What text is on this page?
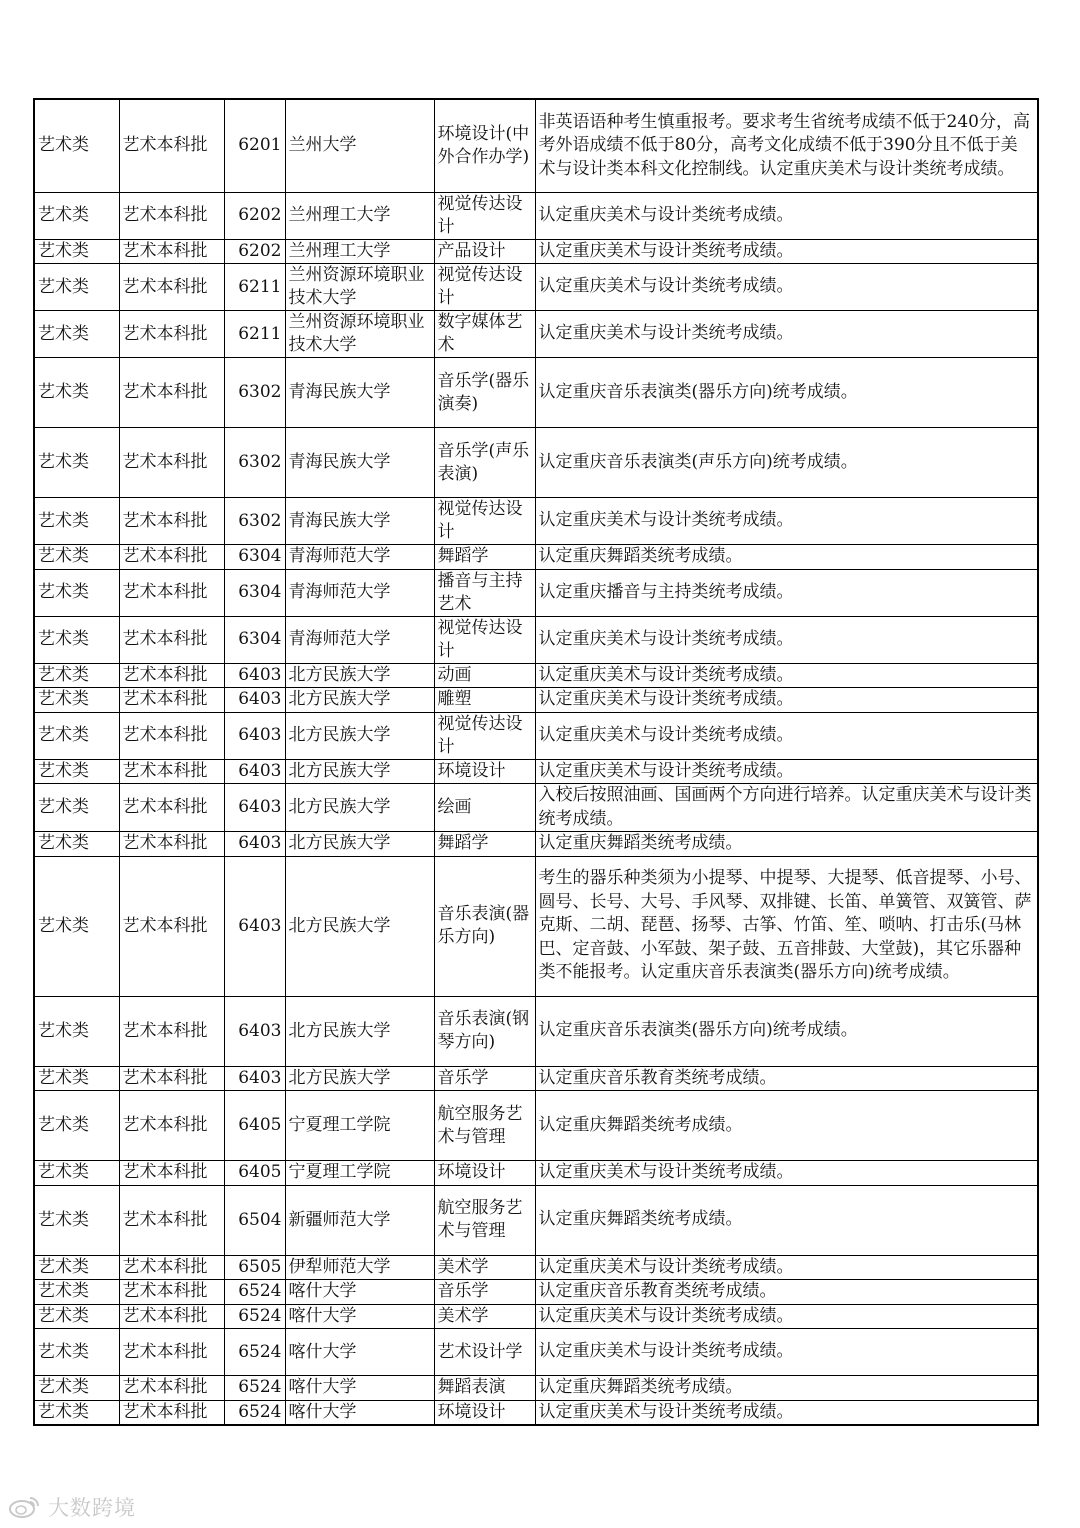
艺术类	艺术本科批	6201	兰州大学	环境设计(中外合作办学)	非英语语种考生慎重报考。要求考生省统考成绩不低于240分，高考外语成绩不低于80分，高考文化成绩不低于390分且不低于美术与设计类本科文化控制线。认定重庆美术与设计类统考成绩。
艺术类	艺术本科批	6202	兰州理工大学	视觉传达设计	认定重庆美术与设计类统考成绩。
艺术类	艺术本科批	6202	兰州理工大学	产品设计	认定重庆美术与设计类统考成绩。
艺术类	艺术本科批	6211	兰州资源环境职业技术大学	视觉传达设计	认定重庆美术与设计类统考成绩。
艺术类	艺术本科批	6211	兰州资源环境职业技术大学	数字媒体艺术	认定重庆美术与设计类统考成绩。
艺术类	艺术本科批	6302	青海民族大学	音乐学(器乐演奏)	认定重庆音乐表演类(器乐方向)统考成绩。
艺术类	艺术本科批	6302	青海民族大学	音乐学(声乐表演)	认定重庆音乐表演类(声乐方向)统考成绩。
艺术类	艺术本科批	6302	青海民族大学	视觉传达设计	认定重庆美术与设计类统考成绩。
艺术类	艺术本科批	6304	青海师范大学	舞蹈学	认定重庆舞蹈类统考成绩。
艺术类	艺术本科批	6304	青海师范大学	播音与主持艺术	认定重庆播音与主持类统考成绩。
艺术类	艺术本科批	6304	青海师范大学	视觉传达设计	认定重庆美术与设计类统考成绩。
艺术类	艺术本科批	6403	北方民族大学	动画	认定重庆美术与设计类统考成绩。
艺术类	艺术本科批	6403	北方民族大学	雕塑	认定重庆美术与设计类统考成绩。
艺术类	艺术本科批	6403	北方民族大学	视觉传达设计	认定重庆美术与设计类统考成绩。
艺术类	艺术本科批	6403	北方民族大学	环境设计	认定重庆美术与设计类统考成绩。
艺术类	艺术本科批	6403	北方民族大学	绘画	入校后按照油画、国画两个方向进行培养。认定重庆美术与设计类统考成绩。
艺术类	艺术本科批	6403	北方民族大学	舞蹈学	认定重庆舞蹈类统考成绩。
艺术类	艺术本科批	6403	北方民族大学	音乐表演(器乐方向)	考生的器乐种类须为小提琴、中提琴、大提琴、低音提琴、小号、圆号、长号、大号、手风琴、双排键、长笛、单簧管、双簧管、萨克斯、二胡、琵琶、扬琴、古筝、竹笛、笙、唢呐、打击乐(马林巴、定音鼓、小军鼓、架子鼓、五音排鼓、大堂鼓)，其它乐器种类不能报考。认定重庆音乐表演类(器乐方向)统考成绩。
艺术类	艺术本科批	6403	北方民族大学	音乐表演(钢琴方向)	认定重庆音乐表演类(器乐方向)统考成绩。
艺术类	艺术本科批	6403	北方民族大学	音乐学	认定重庆音乐教育类统考成绩。
艺术类	艺术本科批	6405	宁夏理工学院	航空服务艺术与管理	认定重庆舞蹈类统考成绩。
艺术类	艺术本科批	6405	宁夏理工学院	环境设计	认定重庆美术与设计类统考成绩。
艺术类	艺术本科批	6504	新疆师范大学	航空服务艺术与管理	认定重庆舞蹈类统考成绩。
艺术类	艺术本科批	6505	伊犁师范大学	美术学	认定重庆美术与设计类统考成绩。
艺术类	艺术本科批	6524	喀什大学	音乐学	认定重庆音乐教育类统考成绩。
艺术类	艺术本科批	6524	喀什大学	美术学	认定重庆美术与设计类统考成绩。
艺术类	艺术本科批	6524	喀什大学	艺术设计学	认定重庆美术与设计类统考成绩。
艺术类	艺术本科批	6524	喀什大学	舞蹈表演	认定重庆舞蹈类统考成绩。
艺术类	艺术本科批	6524	喀什大学	环境设计	认定重庆美术与设计类统考成绩。
大数跨境
